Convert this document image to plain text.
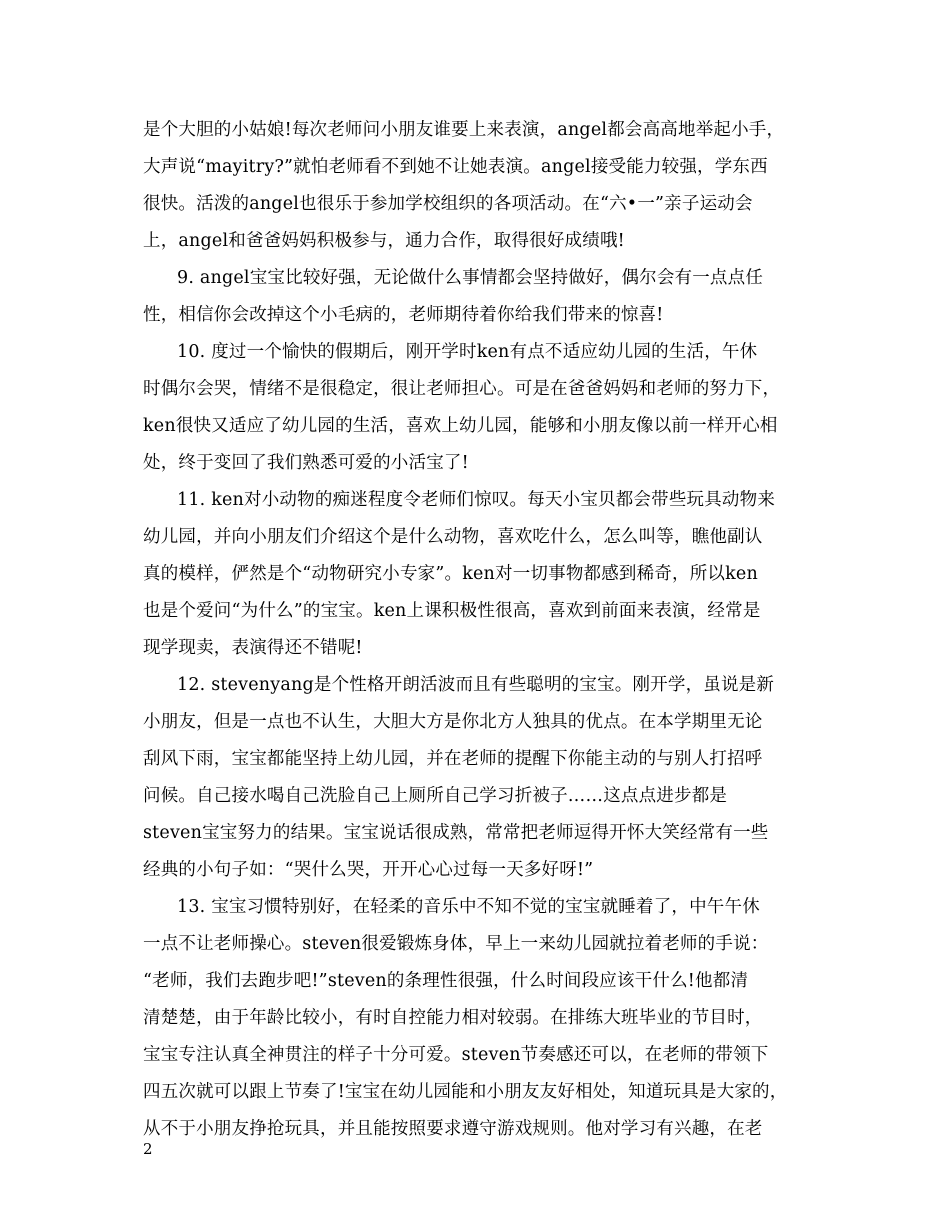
是个大胆的小姑娘!每次老师问小朋友谁要上来表演，angel都会高高地举起小手，
大声说“mayitry?”就怕老师看不到她不让她表演。angel接受能力较强，学东西
很快。活泼的angel也很乐于参加学校组织的各项活动。在“六•一”亲子运动会
上，angel和爸爸妈妈积极参与，通力合作，取得很好成绩哦!
9. angel宝宝比较好强，无论做什么事情都会坚持做好，偶尔会有一点点任
性，相信你会改掉这个小毛病的，老师期待着你给我们带来的惊喜!
10. 度过一个愉快的假期后，刚开学时ken有点不适应幼儿园的生活，午休
时偶尔会哭，情绪不是很稳定，很让老师担心。可是在爸爸妈妈和老师的努力下，
ken很快又适应了幼儿园的生活，喜欢上幼儿园，能够和小朋友像以前一样开心相
处，终于变回了我们熟悉可爱的小活宝了!
11. ken对小动物的痴迷程度令老师们惊叹。每天小宝贝都会带些玩具动物来
幼儿园，并向小朋友们介绍这个是什么动物，喜欢吃什么，怎么叫等，瞧他副认
真的模样，俨然是个“动物研究小专家”。ken对一切事物都感到稀奇，所以ken
也是个爱问“为什么”的宝宝。ken上课积极性很高，喜欢到前面来表演，经常是
现学现卖，表演得还不错呢!
12. stevenyang是个性格开朗活波而且有些聪明的宝宝。刚开学，虽说是新
小朋友，但是一点也不认生，大胆大方是你北方人独具的优点。在本学期里无论
刮风下雨，宝宝都能坚持上幼儿园，并在老师的提醒下你能主动的与别人打招呼
问候。自己接水喝自己洗脸自己上厕所自己学习折被子……这点点进步都是
steven宝宝努力的结果。宝宝说话很成熟，常常把老师逗得开怀大笑经常有一些
经典的小句子如：“哭什么哭，开开心心过每一天多好呀!”
13. 宝宝习惯特别好，在轻柔的音乐中不知不觉的宝宝就睡着了，中午午休
一点不让老师操心。steven很爱锻炼身体，早上一来幼儿园就拉着老师的手说：
“老师，我们去跑步吧!”steven的条理性很强，什么时间段应该干什么!他都清
清楚楚，由于年龄比较小，有时自控能力相对较弱。在排练大班毕业的节目时，
宝宝专注认真全神贯注的样子十分可爱。steven节奏感还可以，在老师的带领下
四五次就可以跟上节奏了!宝宝在幼儿园能和小朋友友好相处，知道玩具是大家的，
从不于小朋友挣抢玩具，并且能按照要求遵守游戏规则。他对学习有兴趣，在老
2
